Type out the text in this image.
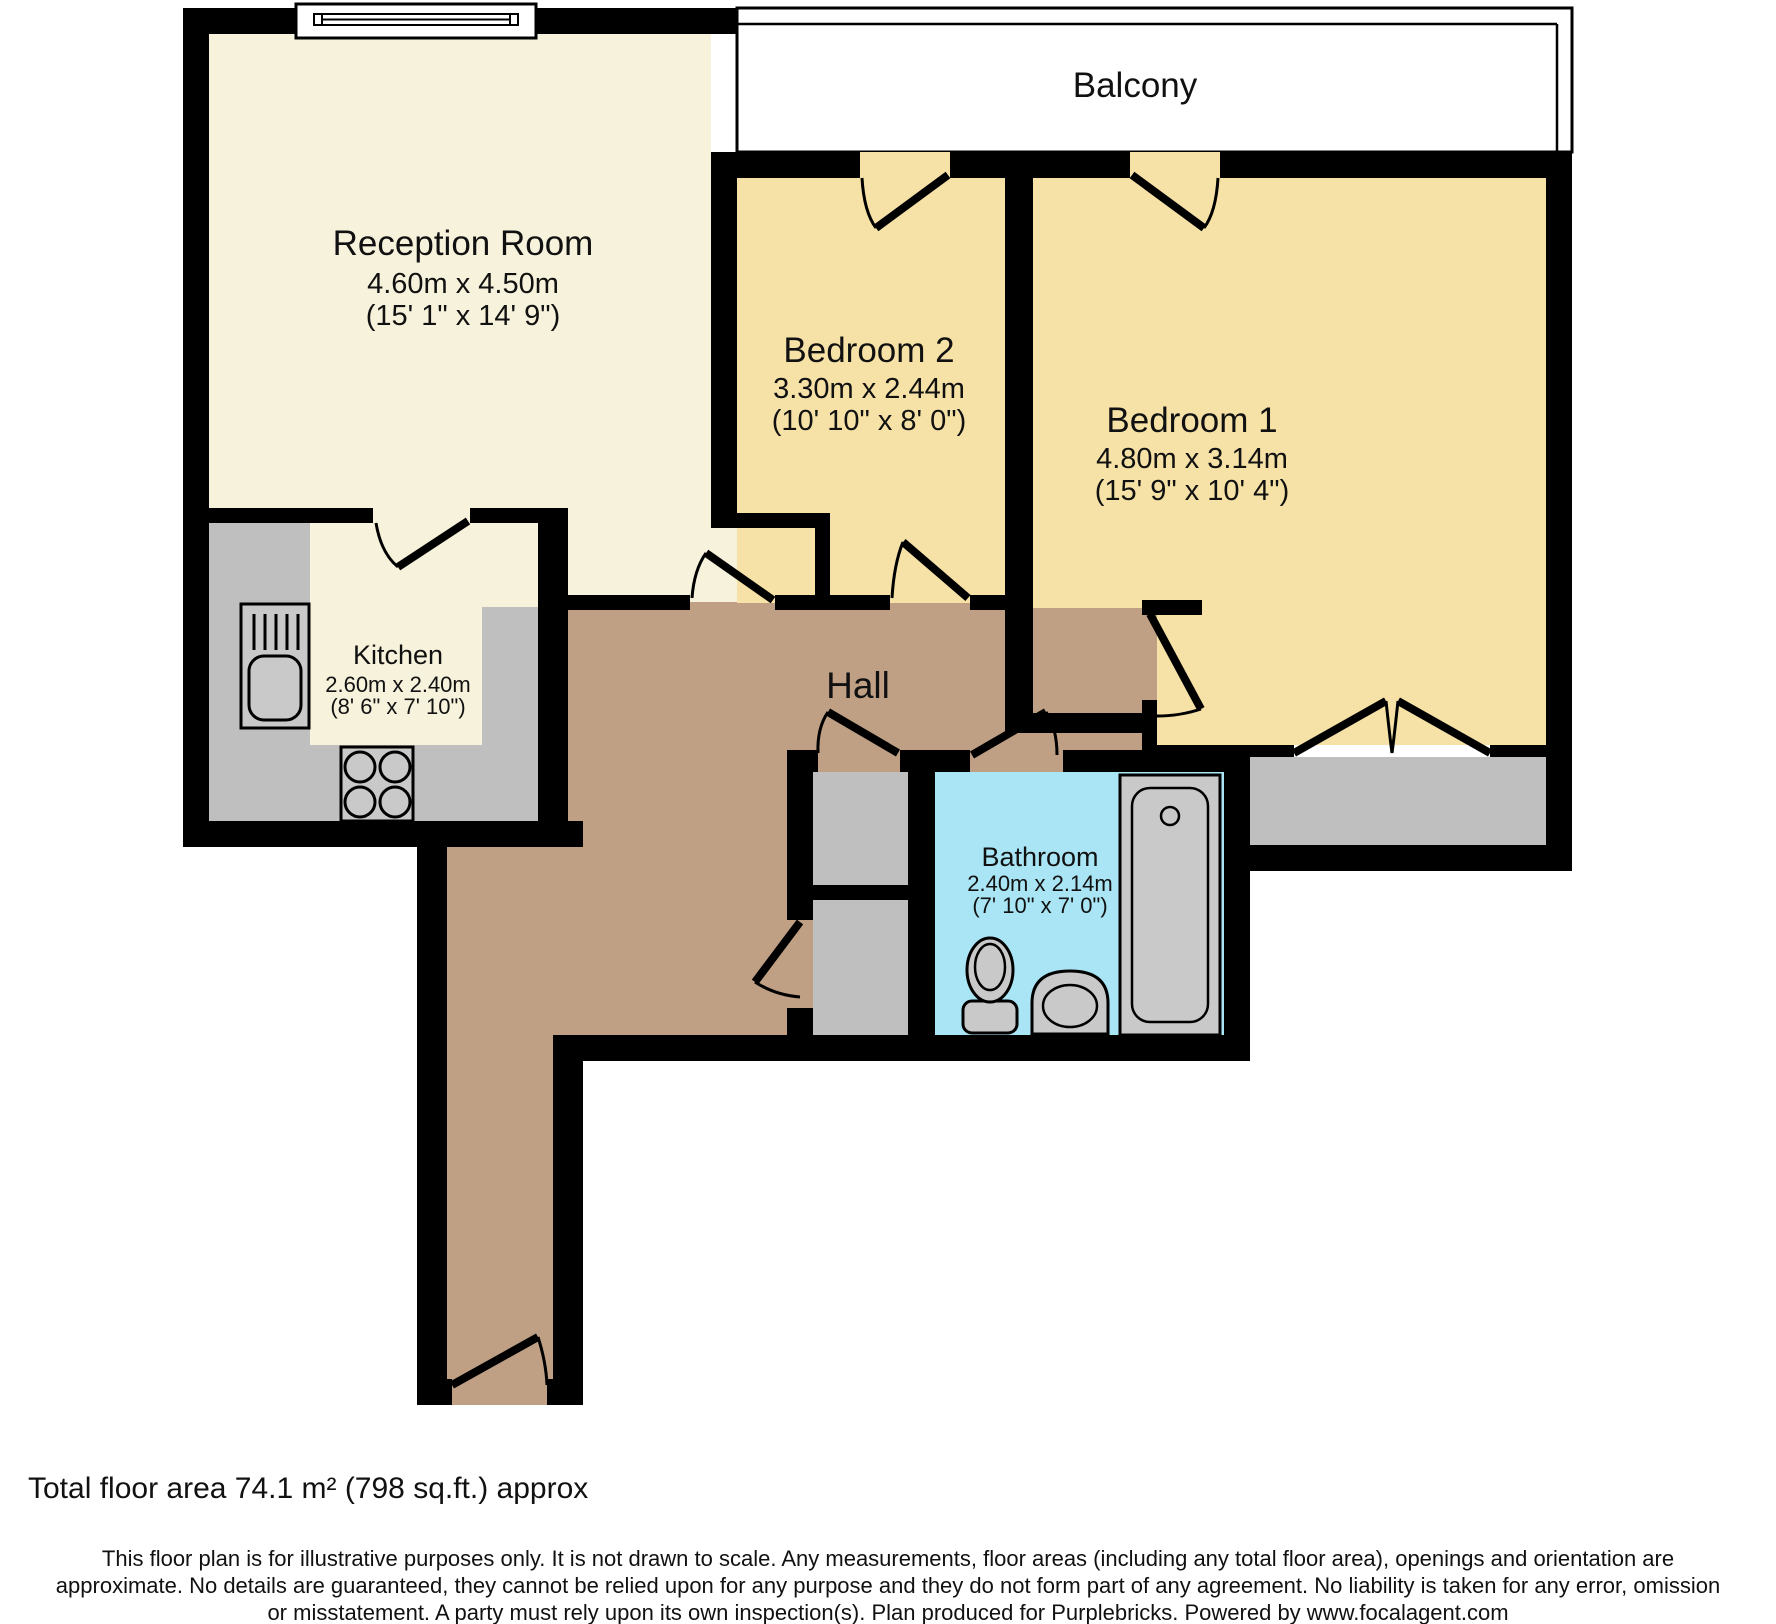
Balcony
Reception Room
4.60m x 4.50m
(15' 1" x 14' 9")
Bedroom 2
3.30m x 2.44m
(10' 10" x 8' 0")	Bedroom 1
4.80m x 3.14m
(15' 9" x 10' 4")
Kitchen
2.60m x 2.40m
(8' 6" x 7' 10")
Hall
Bathroom
2.40m x 2.14m
(7' 10" x 7' 0")
Total floor area 74.1 m² (798 sq.ft.) approx
This floor plan is for illustrative purposes only. It is not drawn to scale. Any measurements, floor areas (including any total floor area), openings and orientation are
approximate. No details are guaranteed, they cannot be relied upon for any purpose and they do not form part of any agreement. No liability is taken for any error, omission
or misstatement. A party must rely upon its own inspection(s). Plan produced for Purplebricks. Powered by www.focalagent.com
